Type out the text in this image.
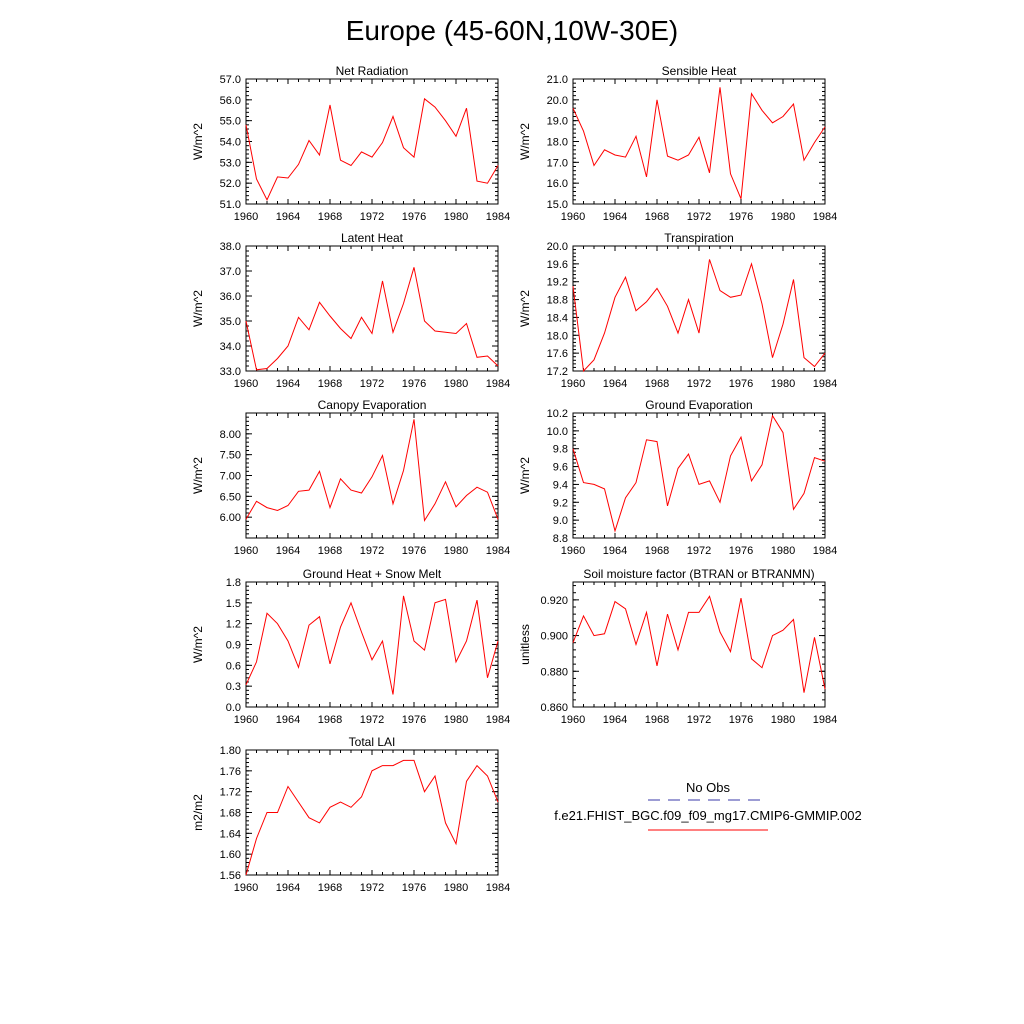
Europe (45-60N,10W-30E)
Net Radiation
W/m^2
1960 1964 1968 1972 1976 1980 1984
51.0
52.0
53.0
54.0
55.0
56.0
57.0
Sensible Heat
W/m^2
1960 1964 1968 1972 1976 1980 1984
15.0
16.0
17.0
18.0
19.0
20.0
21.0
Latent Heat
W/m^2
1960 1964 1968 1972 1976 1980 1984
33.0
34.0
35.0
36.0
37.0
38.0
Transpiration
W/m^2
1960 1964 1968 1972 1976 1980 1984
17.2
17.6
18.0
18.4
18.8
19.2
19.6
20.0
Canopy Evaporation
W/m^2
1960 1964 1968 1972 1976 1980 1984
6.00
6.50
7.00
7.50
8.00
Ground Evaporation
W/m^2
1960 1964 1968 1972 1976 1980 1984
8.8
9.0
9.2
9.4
9.6
9.8
10.0
10.2
Ground Heat + Snow Melt
W/m^2
1960 1964 1968 1972 1976 1980 1984
0.0
0.3
0.6
0.9
1.2
1.5
1.8
Soil moisture factor (BTRAN or BTRANMN)
unitless
1960 1964 1968 1972 1976 1980 1984
0.860
0.880
0.900
0.920
Total LAI
m2/m2
1960 1964 1968 1972 1976 1980 1984
1.56
1.60
1.64
1.68
1.72
1.76
1.80
No Obs
f.e21.FHIST_BGC.f09_f09_mg17.CMIP6-GMMIP.002
